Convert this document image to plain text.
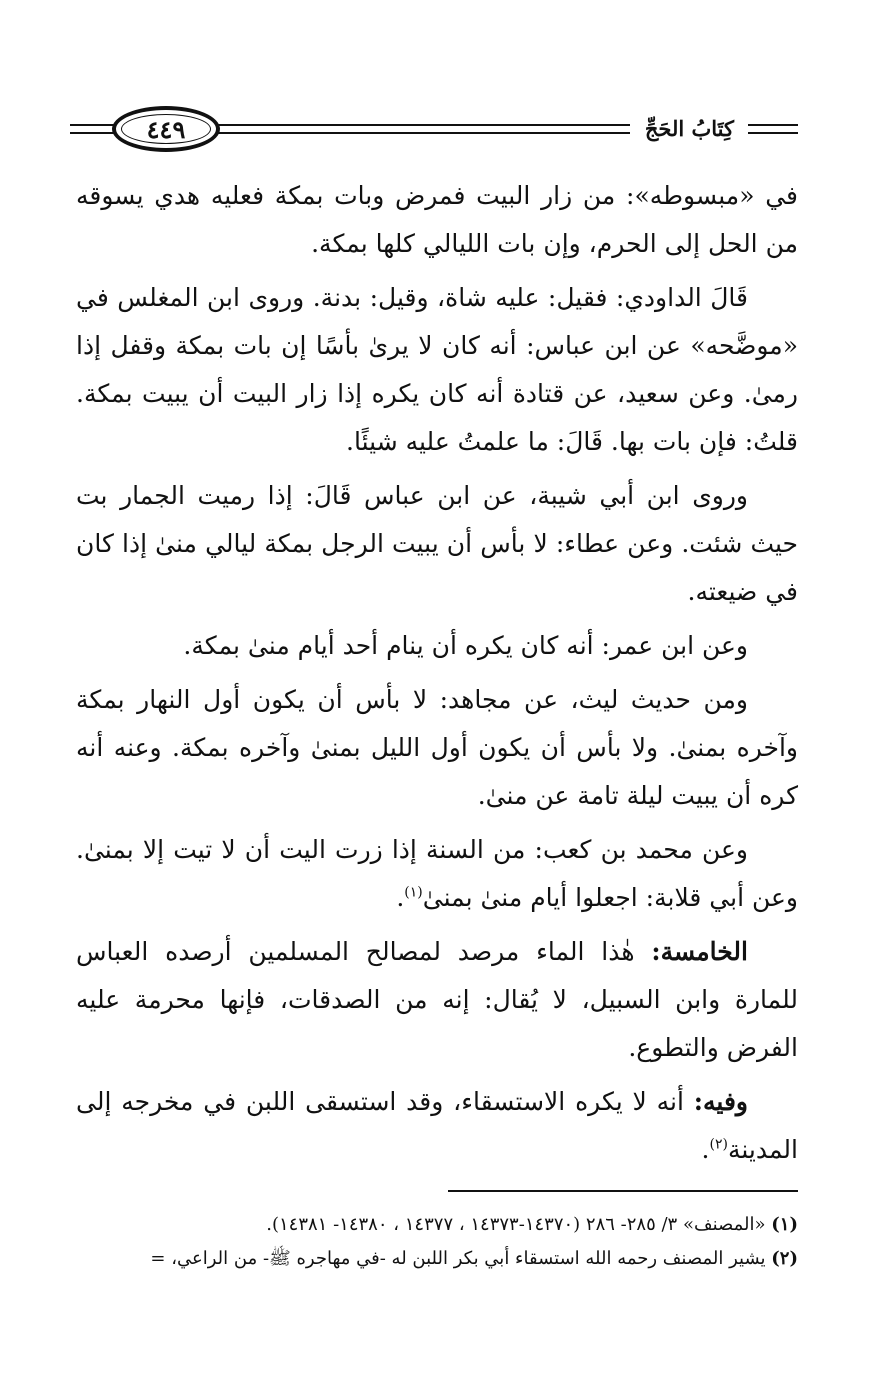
كِتَابُ الحَجِّ
٤٤٩

في «مبسوطه»: من زار البيت فمرض وبات بمكة فعليه هدي يسوقه من الحل إلى الحرم، وإن بات الليالي كلها بمكة.

قَالَ الداودي: فقيل: عليه شاة، وقيل: بدنة. وروى ابن المغلس في «موضَّحه» عن ابن عباس: أنه كان لا يرىٰ بأسًا إن بات بمكة وقفل إذا رمىٰ. وعن سعيد، عن قتادة أنه كان يكره إذا زار البيت أن يبيت بمكة. قلتُ: فإن بات بها. قَالَ: ما علمتُ عليه شيئًا.

وروى ابن أبي شيبة، عن ابن عباس قَالَ: إذا رميت الجمار بت حيث شئت. وعن عطاء: لا بأس أن يبيت الرجل بمكة ليالي منىٰ إذا كان في ضيعته.

وعن ابن عمر: أنه كان يكره أن ينام أحد أيام منىٰ بمكة.

ومن حديث ليث، عن مجاهد: لا بأس أن يكون أول النهار بمكة وآخره بمنىٰ. ولا بأس أن يكون أول الليل بمنىٰ وآخره بمكة. وعنه أنه كره أن يبيت ليلة تامة عن منىٰ.

وعن محمد بن كعب: من السنة إذا زرت اليت أن لا تيت إلا بمنىٰ. وعن أبي قلابة: اجعلوا أيام منىٰ بمنىٰ$^{(١)}$.

الخامسة: هٰذا الماء مرصد لمصالح المسلمين أرصده العباس للمارة وابن السبيل، لا يُقال: إنه من الصدقات، فإنها محرمة عليه الفرض والتطوع.

وفيه: أنه لا يكره الاستسقاء، وقد استسقى اللبن في مخرجه إلى المدينة$^{(٢)}$.

(١) «المصنف» ٣/ ٢٨٥- ٢٨٦ (١٤٣٧٠-١٤٣٧٣ ، ١٤٣٧٧ ، ١٤٣٨٠- ١٤٣٨١).
(٢) يشير المصنف رحمه الله استسقاء أبي بكر اللبن له -في مهاجره ﷺ- من الراعي، =
